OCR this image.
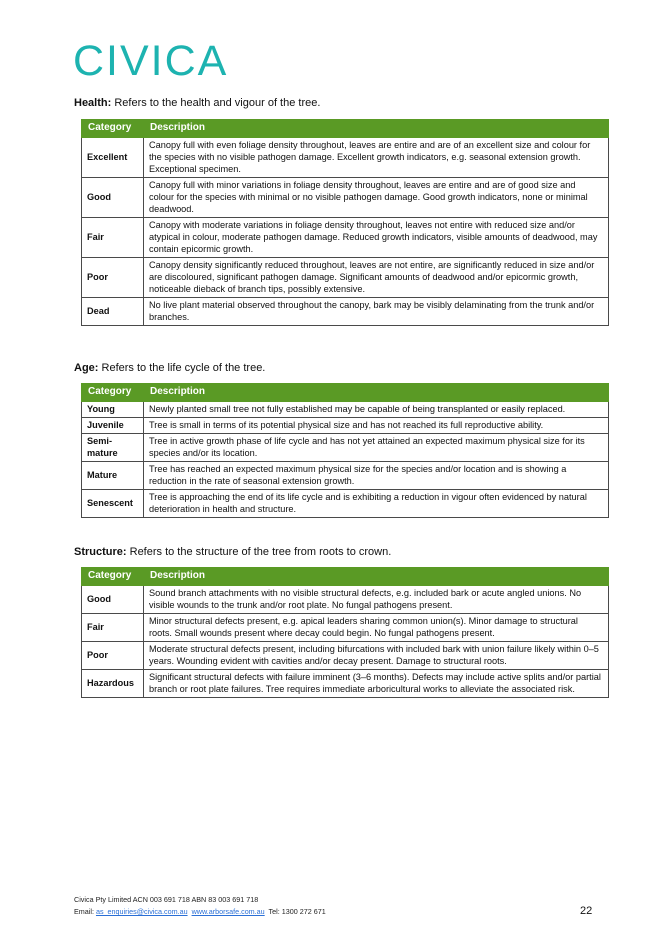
CIVICA
Health: Refers to the health and vigour of the tree.
Category	Description
Excellent	Canopy full with even foliage density throughout, leaves are entire and are of an excellent size and colour for the species with no visible pathogen damage. Excellent growth indicators, e.g. seasonal extension growth. Exceptional specimen.
Good	Canopy full with minor variations in foliage density throughout, leaves are entire and are of good size and colour for the species with minimal or no visible pathogen damage. Good growth indicators, none or minimal deadwood.
Fair	Canopy with moderate variations in foliage density throughout, leaves not entire with reduced size and/or atypical in colour, moderate pathogen damage. Reduced growth indicators, visible amounts of deadwood, may contain epicormic growth.
Poor	Canopy density significantly reduced throughout, leaves are not entire, are significantly reduced in size and/or are discoloured, significant pathogen damage. Significant amounts of deadwood and/or epicormic growth, noticeable dieback of branch tips, possibly extensive.
Dead	No live plant material observed throughout the canopy, bark may be visibly delaminating from the trunk and/or branches.
Age: Refers to the life cycle of the tree.
Category	Description
Young	Newly planted small tree not fully established may be capable of being transplanted or easily replaced.
Juvenile	Tree is small in terms of its potential physical size and has not reached its full reproductive ability.
Semi-mature	Tree in active growth phase of life cycle and has not yet attained an expected maximum physical size for its species and/or its location.
Mature	Tree has reached an expected maximum physical size for the species and/or location and is showing a reduction in the rate of seasonal extension growth.
Senescent	Tree is approaching the end of its life cycle and is exhibiting a reduction in vigour often evidenced by natural deterioration in health and structure.
Structure: Refers to the structure of the tree from roots to crown.
Category	Description
Good	Sound branch attachments with no visible structural defects, e.g. included bark or acute angled unions. No visible wounds to the trunk and/or root plate. No fungal pathogens present.
Fair	Minor structural defects present, e.g. apical leaders sharing common union(s). Minor damage to structural roots. Small wounds present where decay could begin. No fungal pathogens present.
Poor	Moderate structural defects present, including bifurcations with included bark with union failure likely within 0–5 years. Wounding evident with cavities and/or decay present. Damage to structural roots.
Hazardous	Significant structural defects with failure imminent (3–6 months). Defects may include active splits and/or partial branch or root plate failures. Tree requires immediate arboricultural works to alleviate the associated risk.
Civica Pty Limited ACN 003 691 718 ABN 83 003 691 718
Email: as_enquiries@civica.com.au www.arborsafe.com.au Tel: 1300 272 671	22
